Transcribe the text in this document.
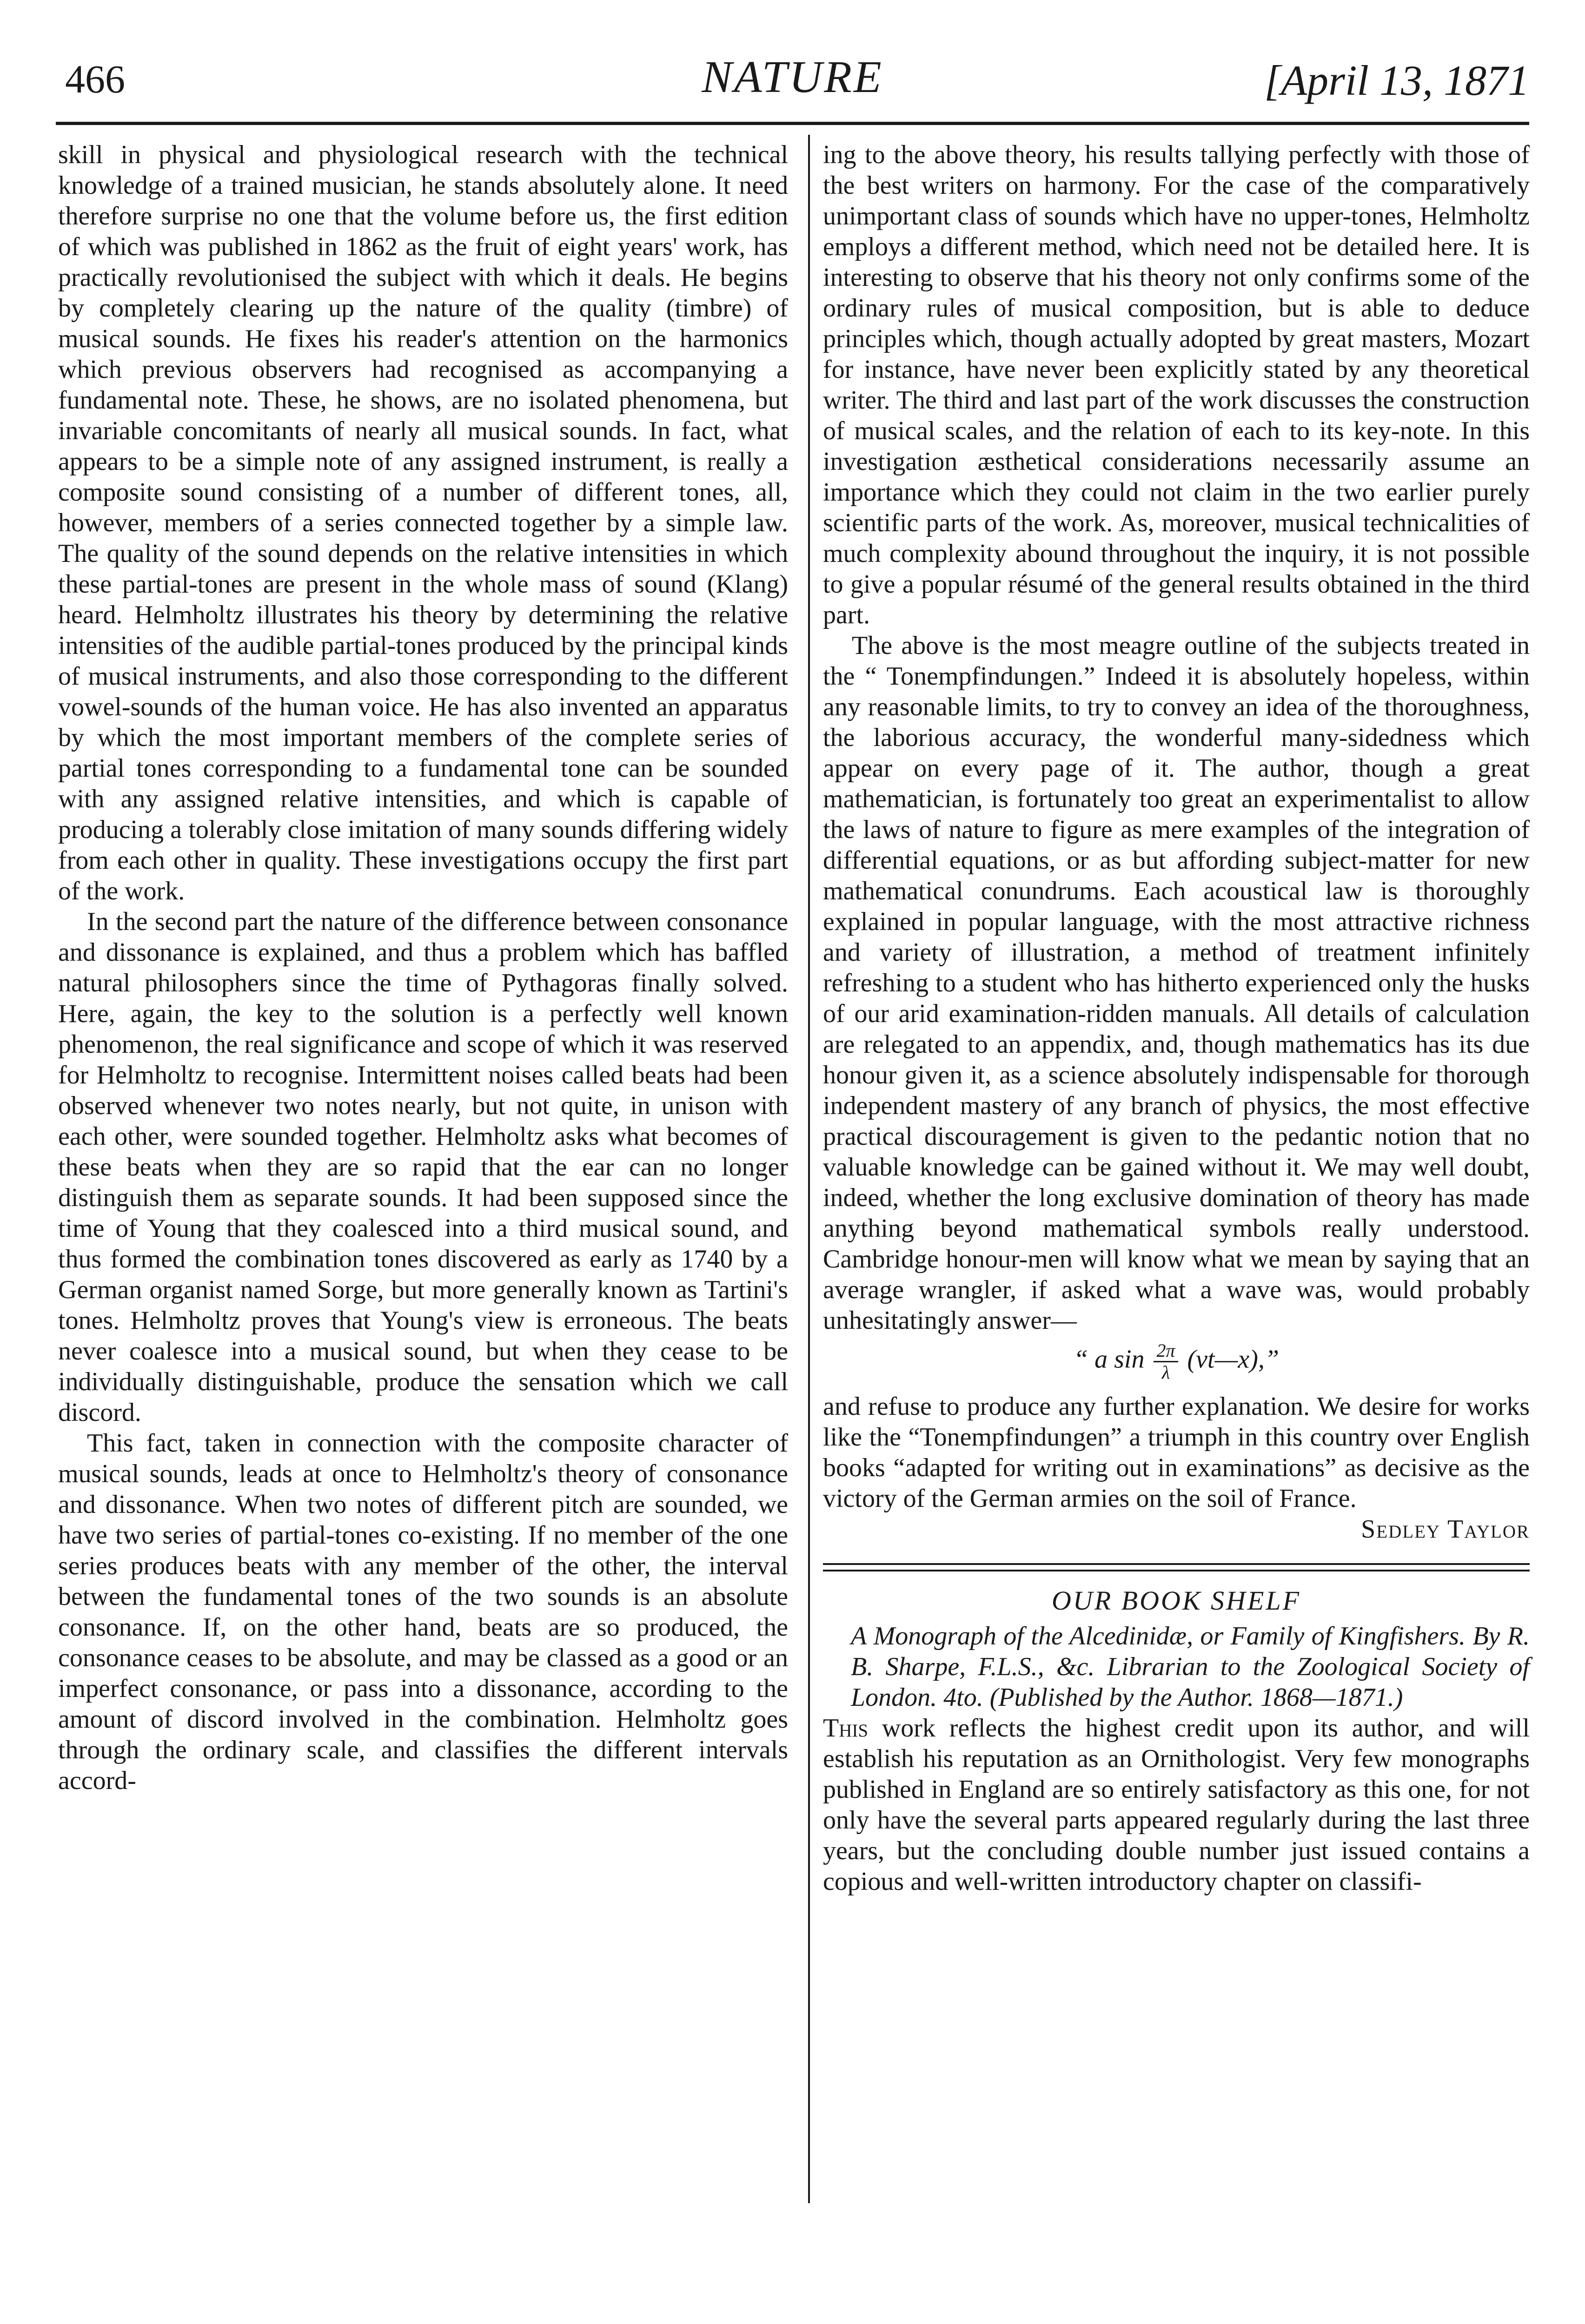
466	NATURE	[April 13, 1871

skill in physical and physiological research with the technical knowledge of a trained musician, he stands absolutely alone. It need therefore surprise no one that the volume before us, the first edition of which was published in 1862 as the fruit of eight years' work, has practically revolutionised the subject with which it deals. He begins by completely clearing up the nature of the quality (timbre) of musical sounds. He fixes his reader's attention on the harmonics which previous observers had recognised as accompanying a fundamental note. These, he shows, are no isolated phenomena, but invariable concomitants of nearly all musical sounds. In fact, what appears to be a simple note of any assigned instrument, is really a composite sound consisting of a number of different tones, all, however, members of a series connected together by a simple law. The quality of the sound depends on the relative intensities in which these partial-tones are present in the whole mass of sound (Klang) heard. Helmholtz illustrates his theory by determining the relative intensities of the audible partial-tones produced by the principal kinds of musical instruments, and also those corresponding to the different vowel-sounds of the human voice. He has also invented an apparatus by which the most important members of the complete series of partial tones corresponding to a fundamental tone can be sounded with any assigned relative intensities, and which is capable of producing a tolerably close imitation of many sounds differing widely from each other in quality. These investigations occupy the first part of the work.

In the second part the nature of the difference between consonance and dissonance is explained, and thus a problem which has baffled natural philosophers since the time of Pythagoras finally solved. Here, again, the key to the solution is a perfectly well known phenomenon, the real significance and scope of which it was reserved for Helmholtz to recognise. Intermittent noises called beats had been observed whenever two notes nearly, but not quite, in unison with each other, were sounded together. Helmholtz asks what becomes of these beats when they are so rapid that the ear can no longer distinguish them as separate sounds. It had been supposed since the time of Young that they coalesced into a third musical sound, and thus formed the combination tones discovered as early as 1740 by a German organist named Sorge, but more generally known as Tartini's tones. Helmholtz proves that Young's view is erroneous. The beats never coalesce into a musical sound, but when they cease to be individually distinguishable, produce the sensation which we call discord.

This fact, taken in connection with the composite character of musical sounds, leads at once to Helmholtz's theory of consonance and dissonance. When two notes of different pitch are sounded, we have two series of partial-tones co-existing. If no member of the one series produces beats with any member of the other, the interval between the fundamental tones of the two sounds is an absolute consonance. If, on the other hand, beats are so produced, the consonance ceases to be absolute, and may be classed as a good or an imperfect consonance, or pass into a dissonance, according to the amount of discord involved in the combination. Helmholtz goes through the ordinary scale, and classifies the different intervals accord-

ing to the above theory, his results tallying perfectly with those of the best writers on harmony. For the case of the comparatively unimportant class of sounds which have no upper-tones, Helmholtz employs a different method, which need not be detailed here. It is interesting to observe that his theory not only confirms some of the ordinary rules of musical composition, but is able to deduce principles which, though actually adopted by great masters, Mozart for instance, have never been explicitly stated by any theoretical writer. The third and last part of the work discusses the construction of musical scales, and the relation of each to its key-note. In this investigation æsthetical considerations necessarily assume an importance which they could not claim in the two earlier purely scientific parts of the work. As, moreover, musical technicalities of much complexity abound throughout the inquiry, it is not possible to give a popular résumé of the general results obtained in the third part.

The above is the most meagre outline of the subjects treated in the “ Tonempfindungen.” Indeed it is absolutely hopeless, within any reasonable limits, to try to convey an idea of the thoroughness, the laborious accuracy, the wonderful many-sidedness which appear on every page of it. The author, though a great mathematician, is fortunately too great an experimentalist to allow the laws of nature to figure as mere examples of the integration of differential equations, or as but affording subject-matter for new mathematical conundrums. Each acoustical law is thoroughly explained in popular language, with the most attractive richness and variety of illustration, a method of treatment infinitely refreshing to a student who has hitherto experienced only the husks of our arid examination-ridden manuals. All details of calculation are relegated to an appendix, and, though mathematics has its due honour given it, as a science absolutely indispensable for thorough independent mastery of any branch of physics, the most effective practical discouragement is given to the pedantic notion that no valuable knowledge can be gained without it. We may well doubt, indeed, whether the long exclusive domination of theory has made anything beyond mathematical symbols really understood. Cambridge honour-men will know what we mean by saying that an average wrangler, if asked what a wave was, would probably unhesitatingly answer—

“ a $\sin \frac{2\pi}{\lambda}$ (vt—x),”

and refuse to produce any further explanation. We desire for works like the “Tonempfindungen” a triumph in this country over English books “adapted for writing out in examinations” as decisive as the victory of the German armies on the soil of France.

Sedley Taylor

OUR BOOK SHELF

A Monograph of the Alcedinidæ, or Family of Kingfishers. By R. B. Sharpe, F.L.S., &c. Librarian to the Zoological Society of London. 4to. (Published by the Author. 1868—1871.)

This work reflects the highest credit upon its author, and will establish his reputation as an Ornithologist. Very few monographs published in England are so entirely satisfactory as this one, for not only have the several parts appeared regularly during the last three years, but the concluding double number just issued contains a copious and well-written introductory chapter on classifi-
